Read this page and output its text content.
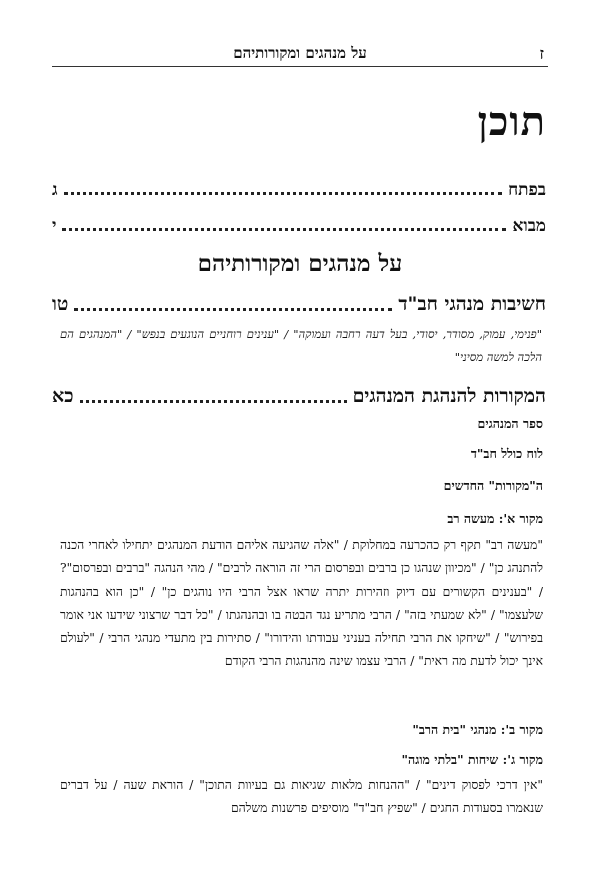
ז
על מנהגים ומקורותיהם
תוכן
בפתח
ג
מבוא
י
על מנהגים ומקורותיהם
חשיבות מנהגי חב"ד
טו
"פנימי, עמוק, מסודר, יסודי, בעל דעה רחבה ועמוקה" / "ענינים רוחניים הנוגעים בנפש" / "המנהגים הם הלכה למשה מסיני"
המקורות להנהגת המנהגים
כא
ספר המנהגים
לוח כולל חב"ד
ה"מקורות" החדשים
מקור א': מעשה רב
"מעשה רב" תקף רק כהכרעה במחלוקת / "אלה שהגיעה אליהם הודעת המנהגים יתחילו לאחרי הכנה להתנהג כן" / "מכיוון שנהגו כן ברבים ובפרסום הרי זה הוראה לרבים" / מהי הנהגה "ברבים ובפרסום"? / "בענינים הקשורים עם דיוק וזהירות יתרה שראו אצל הרבי היו נוהגים כן" / "כן הוא בהנהגות שלעצמו" / "לא שמעתי בזה" / הרבי מתריע נגד הבטה בו ובהנהגתו / "כל דבר שרצוני שידעו אני אומר בפירוש" / "שיחקו את הרבי תחילה בעניני עבודתו והידורו" / סתירות בין מתעדי מנהגי הרבי / "לעולם אינך יכול לדעת מה ראית" / הרבי עצמו שינה מהנהגות הרבי הקודם
מקור ב': מנהגי "בית הרב"
מקור ג': שיחות "בלתי מוגה"
"אין דרכי לפסוק דינים" / "ההנחות מלאות שגיאות גם בעיוות התוכן" / הוראת שעה / על דברים שנאמרו בסעודות החגים / "שפיץ חב"ד" מוסיפים פרשנות משלהם
